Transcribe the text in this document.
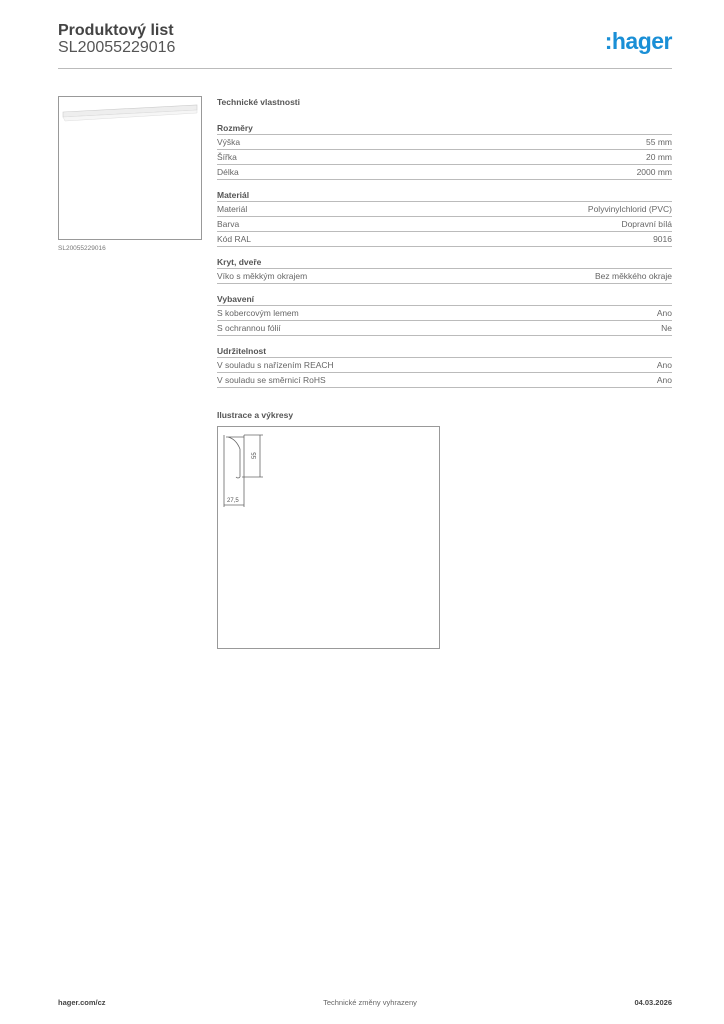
Produktový list
SL20055229016	:hager
SL20055229016
Technické vlastnosti
Rozměry
Výška	55 mm
Šířka	20 mm
Délka	2000 mm
Materiál
Materiál	Polyvinylchlorid (PVC)
Barva	Dopravní bílá
Kód RAL	9016
Kryt, dveře
Víko s měkkým okrajem	Bez měkkého okraje
Vybavení
S kobercovým lemem	Ano
S ochrannou fólií	Ne
Udržitelnost
V souladu s nařízením REACH	Ano
V souladu se směrnicí RoHS	Ano
Ilustrace a výkresy
55
27,5
hager.com/cz	Technické změny vyhrazeny	04.03.2026
